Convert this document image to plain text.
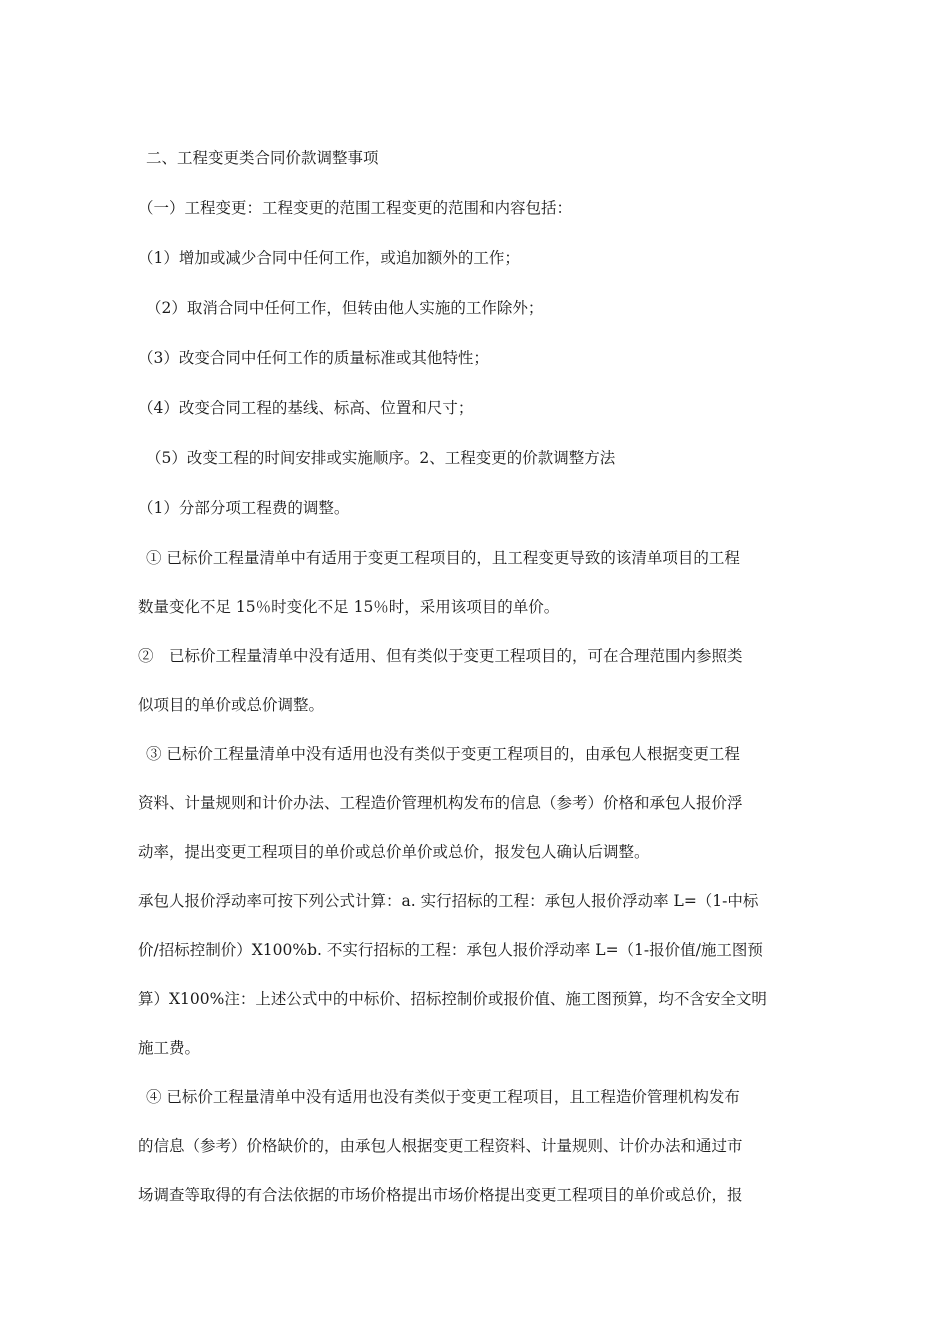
二、工程变更类合同价款调整事项
（一）工程变更：工程变更的范围工程变更的范围和内容包括：
（1）增加或减少合同中任何工作，或追加额外的工作；
（2）取消合同中任何工作，但转由他人实施的工作除外；
（3）改变合同中任何工作的质量标准或其他特性；
（4）改变合同工程的基线、标高、位置和尺寸；
（5）改变工程的时间安排或实施顺序。2、工程变更的价款调整方法
（1）分部分项工程费的调整。
① 已标价工程量清单中有适用于变更工程项目的，且工程变更导致的该清单项目的工程
数量变化不足 15％时变化不足 15％时，采用该项目的单价。
②　已标价工程量清单中没有适用、但有类似于变更工程项目的，可在合理范围内参照类
似项目的单价或总价调整。
③ 已标价工程量清单中没有适用也没有类似于变更工程项目的，由承包人根据变更工程
资料、计量规则和计价办法、工程造价管理机构发布的信息（参考）价格和承包人报价浮
动率，提出变更工程项目的单价或总价单价或总价，报发包人确认后调整。
承包人报价浮动率可按下列公式计算：a. 实行招标的工程：承包人报价浮动率 L=（1-中标
价/招标控制价）X100%b. 不实行招标的工程：承包人报价浮动率 L=（1-报价值/施工图预
算）X100%注：上述公式中的中标价、招标控制价或报价值、施工图预算，均不含安全文明
施工费。
④ 已标价工程量清单中没有适用也没有类似于变更工程项目，且工程造价管理机构发布
的信息（参考）价格缺价的，由承包人根据变更工程资料、计量规则、计价办法和通过市
场调查等取得的有合法依据的市场价格提出市场价格提出变更工程项目的单价或总价，报
